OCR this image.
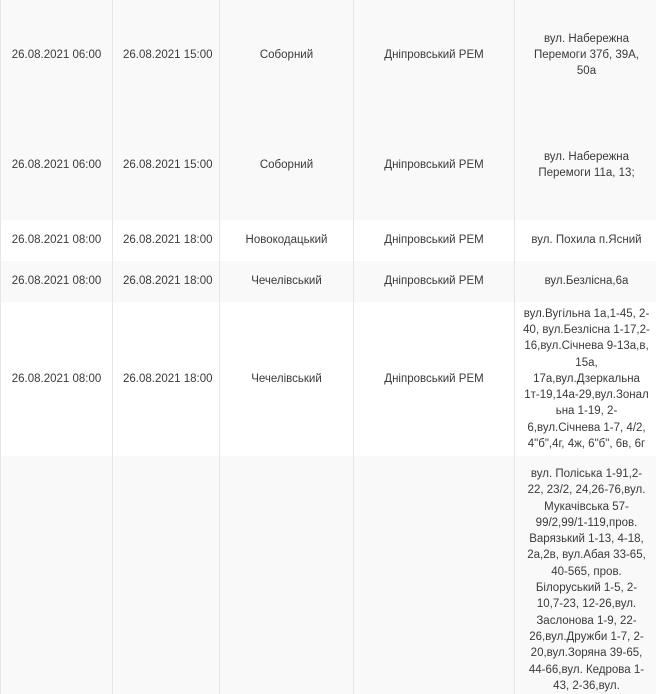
26.08.2021 06:00	26.08.2021 15:00	Соборний	Дніпровський РЕМ	вул. Набережна Перемоги 37б, 39А, 50а
26.08.2021 06:00	26.08.2021 15:00	Соборний	Дніпровський РЕМ	вул. Набережна Перемоги 11а, 13;
26.08.2021 08:00	26.08.2021 18:00	Новокодацький	Дніпровський РЕМ	вул. Похила п.Ясний
26.08.2021 08:00	26.08.2021 18:00	Чечелівський	Дніпровський РЕМ	вул.Безлісна,6а
26.08.2021 08:00	26.08.2021 18:00	Чечелівський	Дніпровський РЕМ	вул.Вугільна 1а,1-45, 2-40, вул.Безлісна 1-17,2-16,вул.Січнева 9-13а,в, 15а, 17а,вул.Дзеркальна 1т-19,14а-29,вул.Зональна 1-19, 2-6,вул.Січнева 1-7, 4/2, 4"б",4г, 4ж, 6"б", 6в, 6г
				вул. Поліська 1-91,2-22, 23/2, 24,26-76,вул. Мукачівська 57-99/2,99/1-119,пров. Варязький 1-13, 4-18, 2а,2в, вул.Абая 33-65, 40-565, пров. Білоруський 1-5, 2-10,7-23, 12-26,вул. Заслонова 1-9, 22-26,вул.Дружби 1-7, 2-20,вул.Зоряна 39-65, 44-66,вул. Кедрова 1-43, 2-36,вул.
